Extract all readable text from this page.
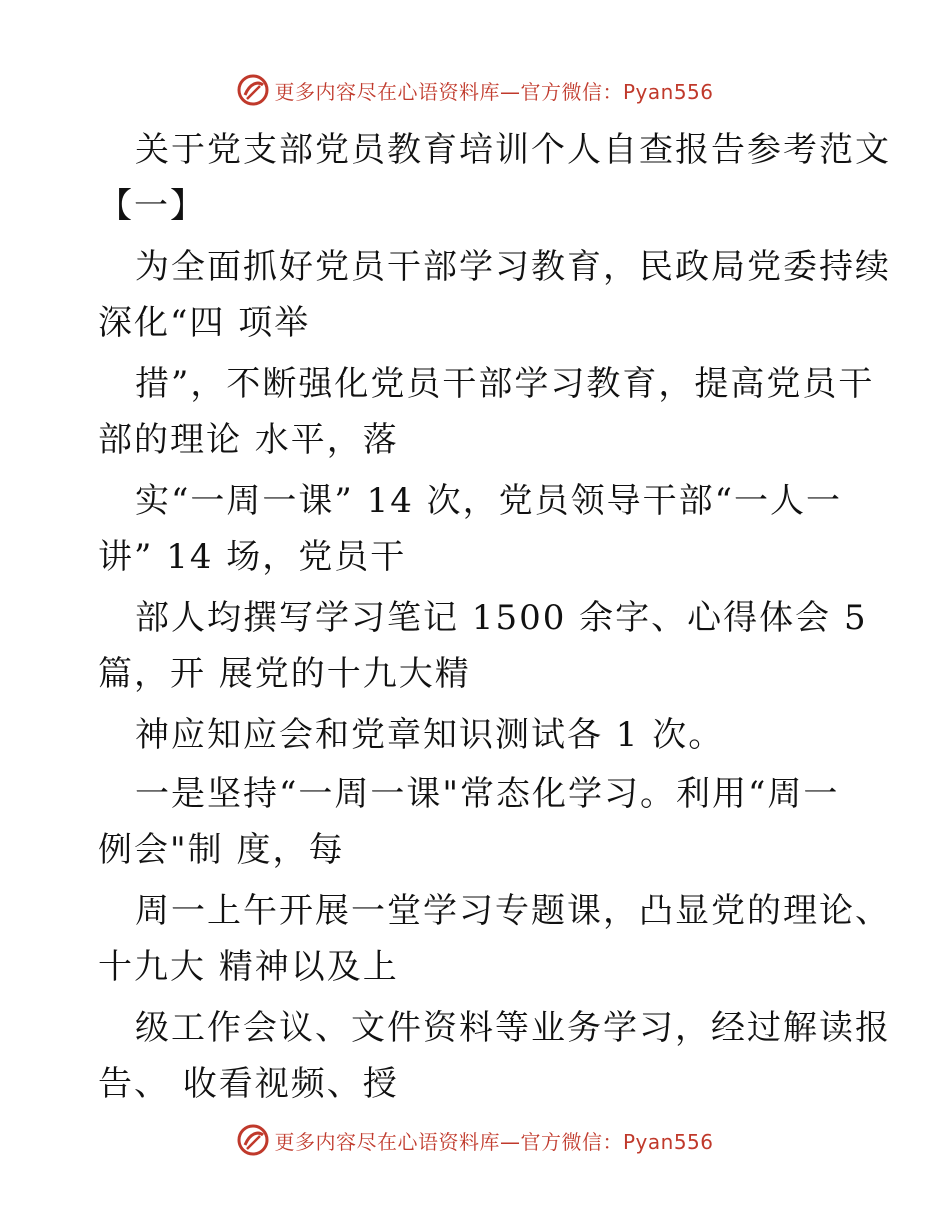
更多内容尽在心语资料库—官方微信：Pyan556
关于党支部党员教育培训个人自查报告参考范文
【一】
为全面抓好党员干部学习教育，民政局党委持续
深化“四 项举
措”，不断强化党员干部学习教育，提高党员干
部的理论 水平，落
实“一周一课” 14 次，党员领导干部“一人一
讲” 14 场，党员干
部人均撰写学习笔记 1500 余字、心得体会 5
篇，开 展党的十九大精
神应知应会和党章知识测试各 1 次。
一是坚持“一周一课"常态化学习。利用“周一
例会"制 度，每
周一上午开展一堂学习专题课，凸显党的理论、
十九大 精神以及上
级工作会议、文件资料等业务学习，经过解读报
告、 收看视频、授
更多内容尽在心语资料库—官方微信：Pyan556
